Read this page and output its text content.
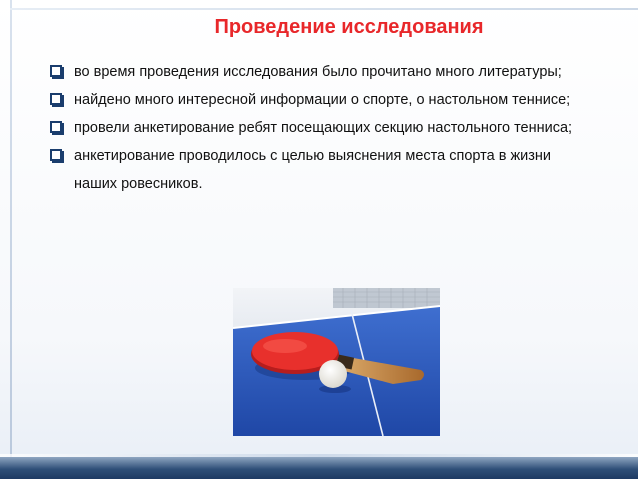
Проведение исследования
во время проведения исследования было прочитано много литературы;
найдено много интересной информации о спорте, о настольном теннисе;
провели анкетирование ребят посещающих секцию настольного тенниса;
анкетирование проводилось с целью выяснения места спорта в жизни наших ровесников.
